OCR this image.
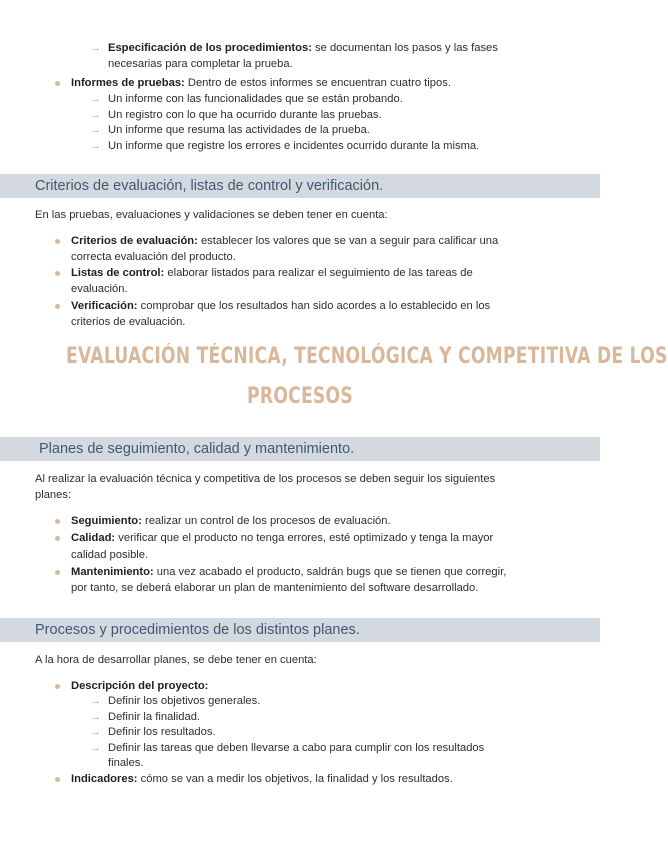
→ Especificación de los procedimientos: se documentan los pasos y las fases
necesarias para completar la prueba.
Informes de pruebas: Dentro de estos informes se encuentran cuatro tipos.
→ Un informe con las funcionalidades que se están probando.
→ Un registro con lo que ha ocurrido durante las pruebas.
→ Un informe que resuma las actividades de la prueba.
→ Un informe que registre los errores e incidentes ocurrido durante la misma.
Criterios de evaluación, listas de control y verificación.
En las pruebas, evaluaciones y validaciones se deben tener en cuenta:
Criterios de evaluación: establecer los valores que se van a seguir para calificar una
correcta evaluación del producto.
Listas de control: elaborar listados para realizar el seguimiento de las tareas de
evaluación.
Verificación: comprobar que los resultados han sido acordes a lo establecido en los
criterios de evaluación.
EVALUACIÓN TÉCNICA, TECNOLÓGICA Y COMPETITIVA DE LOS
PROCESOS
Planes de seguimiento, calidad y mantenimiento.
Al realizar la evaluación técnica y competitiva de los procesos se deben seguir los siguientes
planes:
Seguimiento: realizar un control de los procesos de evaluación.
Calidad: verificar que el producto no tenga errores, esté optimizado y tenga la mayor
calidad posible.
Mantenimiento: una vez acabado el producto, saldrán bugs que se tienen que corregir,
por tanto, se deberá elaborar un plan de mantenimiento del software desarrollado.
Procesos y procedimientos de los distintos planes.
A la hora de desarrollar planes, se debe tener en cuenta:
Descripción del proyecto:
→ Definir los objetivos generales.
→ Definir la finalidad.
→ Definir los resultados.
→ Definir las tareas que deben llevarse a cabo para cumplir con los resultados
finales.
Indicadores: cómo se van a medir los objetivos, la finalidad y los resultados.
